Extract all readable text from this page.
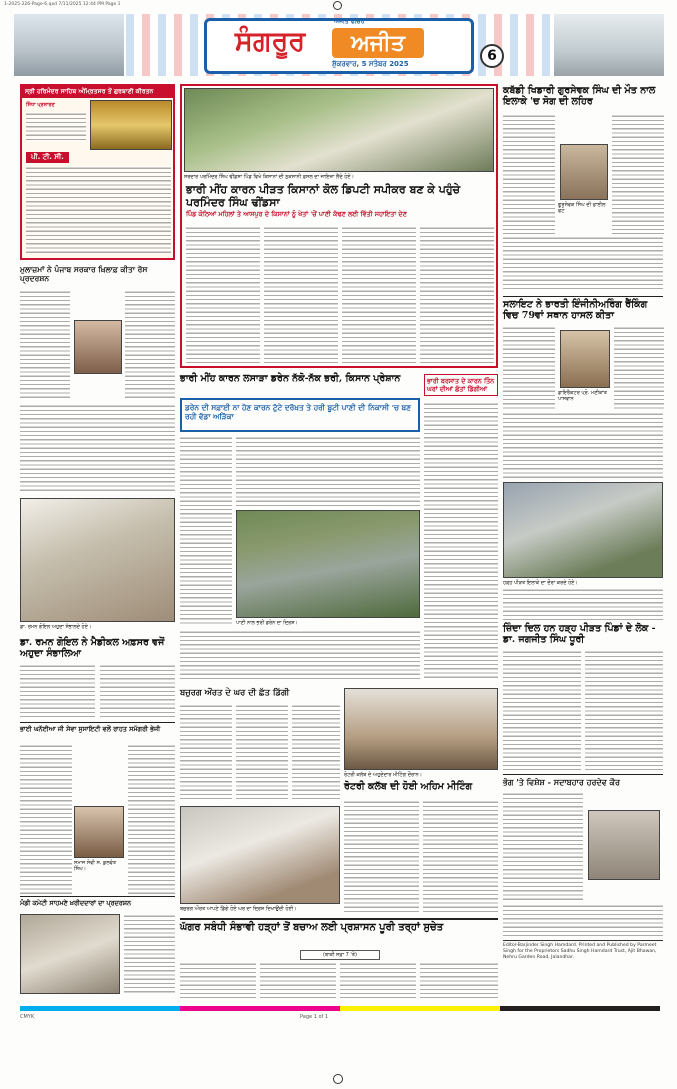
1-2025-226-Page-6.qxd 7/11/2025 12:44 PM Page 1
ਅਜੀਤ ਫੀਚਰ
ਸੰਗਰੂਰ	ਅਜੀਤ
ਸ਼ੁੱਕਰਵਾਰ, 5 ਸਤੰਬਰ 2025	6
ਸ੍ਰੀ ਹਰਿਮੰਦਰ ਸਾਹਿਬ ਅੰਮ੍ਰਿਤਸਰ ਤੋਂ ਗੁਰਬਾਣੀ ਕੀਰਤਨ
ਸਿੱਧਾ ਪ੍ਰਸਾਰਣ
ਪੀ. ਟੀ. ਸੀ.
ਸਰਦਾਰ ਪਰਮਿੰਦਰ ਸਿੰਘ ਢੀਂਡਸਾ ਪਿੰਡ ਵਿਖੇ ਕਿਸਾਨਾਂ ਦੀ ਨੁਕਸਾਨੀ ਫ਼ਸਲ ਦਾ ਜਾਇਜ਼ਾ ਲੈਂਦੇ ਹੋਏ।
ਭਾਰੀ ਮੀਂਹ ਕਾਰਨ ਪੀੜਤ ਕਿਸਾਨਾਂ ਕੋਲ ਡਿਪਟੀ ਸਪੀਕਰ ਬਣ ਕੇ ਪਹੁੰਚੇ ਪਰਮਿੰਦਰ ਸਿੰਘ ਢੀਂਡਸਾ
ਪਿੰਡ ਕੋਠਿਆਂ ਮਹਿਲਾਂ ਤੇ ਆਸਪੁਰ ਦੇ ਕਿਸਾਨਾਂ ਨੂੰ ਖੇਤਾਂ 'ਚੋਂ ਪਾਣੀ ਕੱਢਣ ਲਈ ਵਿੱਤੀ ਸਹਾਇਤਾ ਦੇਣ
ਕਬੱਡੀ ਖਿਡਾਰੀ ਗੁਰਸੇਵਕ ਸਿੰਘ ਦੀ ਮੌਤ ਨਾਲ ਇਲਾਕੇ 'ਚ ਸੋਗ ਦੀ ਲਹਿਰ
ਗੁਰਸੇਵਕ ਸਿੰਘ ਦੀ ਫ਼ਾਈਲ ਫੋਟੋ
ਸਲਾਇਟ ਨੇ ਭਾਰਤੀ ਇੰਜੀਨੀਅਰਿੰਗ ਰੈਂਕਿੰਗ ਵਿਚ 79ਵਾਂ ਸਥਾਨ ਹਾਸਲ ਕੀਤਾ
ਡਾਇਰੈਕਟਰ ਪ੍ਰੋ. ਮਣੀਕਾਂਤ ਪਾਸਵਾਨ
ਹੜ੍ਹ ਪੀੜਤ ਇਲਾਕੇ ਦਾ ਦੌਰਾ ਕਰਦੇ ਹੋਏ।
ਜ਼ਿੰਦਾ ਦਿਲ ਹਨ ਹੜ੍ਹ ਪੀੜਤ ਪਿੰਡਾਂ ਦੇ ਲੋਕ - ਡਾ. ਜਗਜੀਤ ਸਿੰਘ ਧੂਰੀ
ਭੋਗ 'ਤੇ ਵਿਸ਼ੇਸ਼ - ਸਦਾਬਹਾਰ ਹਰਦੇਵ ਕੌਰ
Editor-Barjinder Singh Hamdard. Printed and Published by Parmeet Singh for the Proprietors Sadhu Singh Hamdard Trust, Ajit Bhawan, Nehru Garden Road, Jalandhar.
ਮੁਲਾਜ਼ਮਾਂ ਨੇ ਪੰਜਾਬ ਸਰਕਾਰ ਖ਼ਿਲਾਫ਼ ਕੀਤਾ ਰੋਸ ਪ੍ਰਦਰਸ਼ਨ
ਡਾ. ਰਮਨ ਗੋਇਲ ਅਹੁਦਾ ਸੰਭਾਲਦੇ ਹੋਏ।
ਡਾ. ਰਮਨ ਗੋਇਲ ਨੇ ਮੈਡੀਕਲ ਅਫ਼ਸਰ ਵਜੋਂ ਅਹੁਦਾ ਸੰਭਾਲਿਆ
ਭਾਈ ਘਨੱਈਆ ਜੀ ਸੇਵਾ ਸੁਸਾਇਟੀ ਵਲੋਂ ਰਾਹਤ ਸਮੱਗਰੀ ਭੇਜੀ
ਸਮਾਜ ਸੇਵੀ ਸ. ਕੁਲਵੰਤ ਸਿੰਘ।
ਮੰਡੀ ਕਮੇਟੀ ਸਾਹਮਣੇ ਖ਼ਰੀਦਦਾਰਾਂ ਦਾ ਪ੍ਰਦਰਸ਼ਨ
ਭਾਰੀ ਮੀਂਹ ਕਾਰਨ ਲਸਾੜਾ ਡਰੇਨ ਨੱਕੋ-ਨੱਕ ਭਰੀ, ਕਿਸਾਨ ਪ੍ਰੇਸ਼ਾਨ
ਡਰੇਨ ਦੀ ਸਫ਼ਾਈ ਨਾ ਹੋਣ ਕਾਰਨ ਟੁੱਟੇ ਦਰੱਖ਼ਤ ਤੇ ਹਰੀ ਬੂਟੀ ਪਾਣੀ ਦੀ ਨਿਕਾਸੀ 'ਚ ਬਣ ਰਹੀ ਵੱਡਾ ਅੜਿੱਕਾ
ਪਾਣੀ ਨਾਲ ਭਰੀ ਡਰੇਨ ਦਾ ਦ੍ਰਿਸ਼।
ਭਾਰੀ ਬਰਸਾਤ ਦੇ ਕਾਰਨ ਤਿੰਨ ਘਰਾਂ ਦੀਆਂ ਛੱਤਾਂ ਡਿੱਗੀਆਂ
ਬਜ਼ੁਰਗ ਔਰਤ ਦੇ ਘਰ ਦੀ ਛੱਤ ਡਿੱਗੀ
ਬਜ਼ੁਰਗ ਔਰਤ ਆਪਣੇ ਡਿੱਗੇ ਹੋਏ ਘਰ ਦਾ ਦ੍ਰਿਸ਼ ਦਿਖਾਉਂਦੀ ਹੋਈ।
ਰੋਟਰੀ ਕਲੱਬ ਦੇ ਅਹੁਦੇਦਾਰ ਮੀਟਿੰਗ ਦੌਰਾਨ।
ਰੋਟਰੀ ਕਲੱਬ ਦੀ ਹੋਈ ਅਹਿਮ ਮੀਟਿੰਗ
ਘੱਗਰ ਸਬੰਧੀ ਸੰਭਾਵੀ ਹੜ੍ਹਾਂ ਤੋਂ ਬਚਾਅ ਲਈ ਪ੍ਰਸ਼ਾਸਨ ਪੂਰੀ ਤਰ੍ਹਾਂ ਸੁਚੇਤ
(ਬਾਕੀ ਸਫ਼ਾ 7 'ਤੇ)
CMYK	Page 1 of 1
